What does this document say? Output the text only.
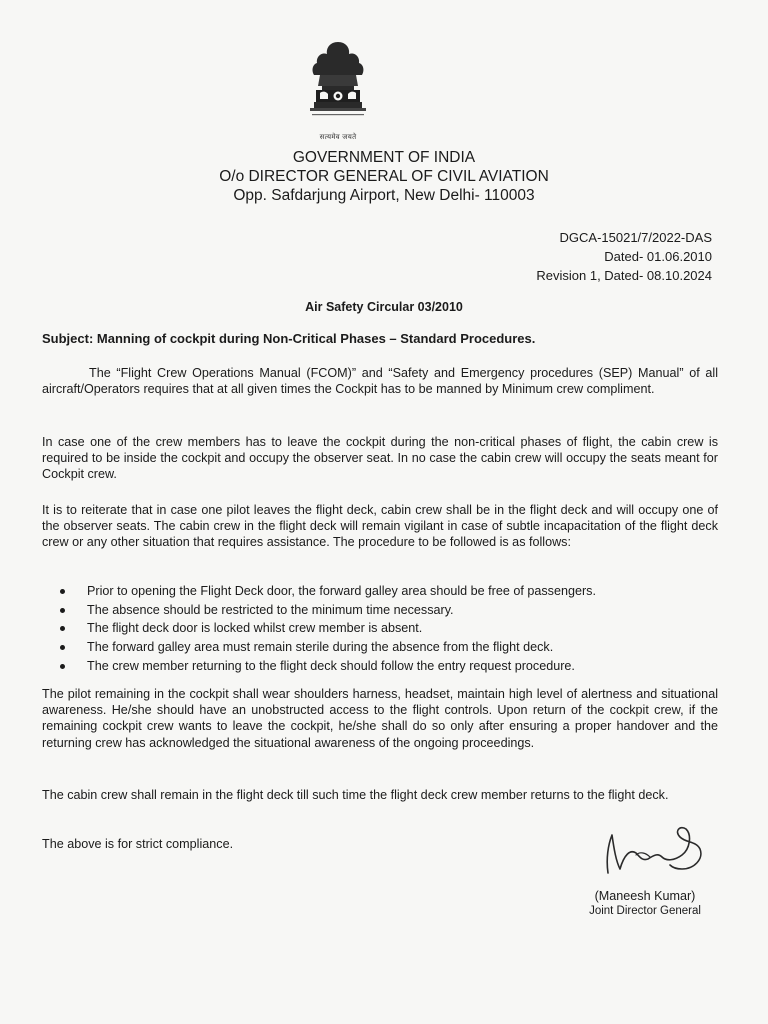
सत्यमेव जयते
GOVERNMENT OF INDIA
O/o DIRECTOR GENERAL OF CIVIL AVIATION
Opp. Safdarjung Airport, New Delhi- 110003
DGCA-15021/7/2022-DAS
Dated- 01.06.2010
Revision 1, Dated- 08.10.2024
Air Safety Circular 03/2010
Subject: Manning of cockpit during Non-Critical Phases – Standard Procedures.

The “Flight Crew Operations Manual (FCOM)” and “Safety and Emergency procedures (SEP) Manual” of all aircraft/Operators requires that at all given times the Cockpit has to be manned by Minimum crew compliment.

In case one of the crew members has to leave the cockpit during the non-critical phases of flight, the cabin crew is required to be inside the cockpit and occupy the observer seat. In no case the cabin crew will occupy the seats meant for Cockpit crew.

It is to reiterate that in case one pilot leaves the flight deck, cabin crew shall be in the flight deck and will occupy one of the observer seats. The cabin crew in the flight deck will remain vigilant in case of subtle incapacitation of the flight deck crew or any other situation that requires assistance. The procedure to be followed is as follows:

Prior to opening the Flight Deck door, the forward galley area should be free of passengers.
The absence should be restricted to the minimum time necessary.
The flight deck door is locked whilst crew member is absent.
The forward galley area must remain sterile during the absence from the flight deck.
The crew member returning to the flight deck should follow the entry request procedure.

The pilot remaining in the cockpit shall wear shoulders harness, headset, maintain high level of alertness and situational awareness. He/she should have an unobstructed access to the flight controls. Upon return of the cockpit crew, if the remaining cockpit crew wants to leave the cockpit, he/she shall do so only after ensuring a proper handover and the returning crew has acknowledged the situational awareness of the ongoing proceedings.

The cabin crew shall remain in the flight deck till such time the flight deck crew member returns to the flight deck.

The above is for strict compliance.

(Maneesh Kumar)
Joint Director General
